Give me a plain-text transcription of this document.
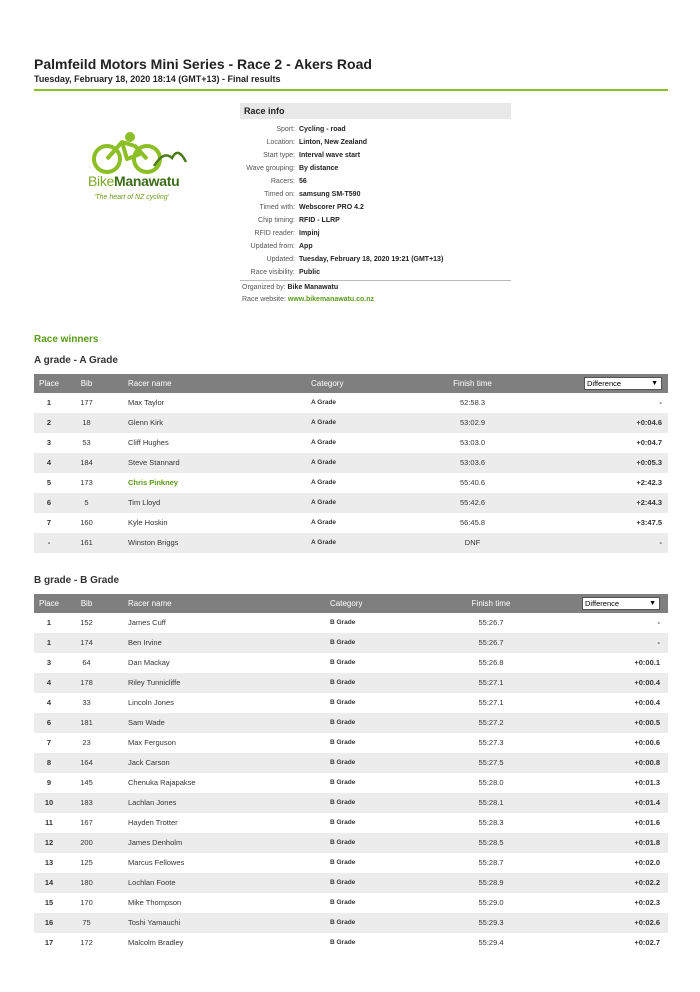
Palmfeild Motors Mini Series - Race 2 - Akers Road
Tuesday, February 18, 2020 18:14 (GMT+13) - Final results
BikeManawatu
'The heart of NZ cycling'
Race info
Sport: Cycling - road
Location: Linton, New Zealand
Start type: Interval wave start
Wave grouping: By distance
Racers: 56
Timed on: samsung SM-T590
Timed with: Webscorer PRO 4.2
Chip timing: RFID - LLRP
RFID reader: Impinj
Updated from: App
Updated: Tuesday, February 18, 2020 19:21 (GMT+13)
Race visibility: Public
Organized by: Bike Manawatu
Race website: www.bikemanawatu.co.nz
Race winners
A grade - A Grade
Place	Bib	Racer name	Category	Finish time	Difference	▼
1	177	Max Taylor	A Grade	52:58.3	-
2	18	Glenn Kirk	A Grade	53:02.9	+0:04.6
3	53	Cliff Hughes	A Grade	53:03.0	+0:04.7
4	184	Steve Stannard	A Grade	53:03.6	+0:05.3
5	173	Chris Pinkney	A Grade	55:40.6	+2:42.3
6	5	Tim Lloyd	A Grade	55:42.6	+2:44.3
7	160	Kyle Hoskin	A Grade	56:45.8	+3:47.5
-	161	Winston Briggs	A Grade	DNF	-
B grade - B Grade
Place	Bib	Racer name	Category	Finish time	Difference	▼
1	152	James Cuff	B Grade	55:26.7	-
1	174	Ben Irvine	B Grade	55:26.7	-
3	64	Dan Mackay	B Grade	55:26.8	+0:00.1
4	178	Riley Tunnicliffe	B Grade	55:27.1	+0:00.4
4	33	Lincoln Jones	B Grade	55:27.1	+0:00.4
6	181	Sam Wade	B Grade	55:27.2	+0:00.5
7	23	Max Ferguson	B Grade	55:27.3	+0:00.6
8	164	Jack Carson	B Grade	55:27.5	+0:00.8
9	145	Chenuka Rajapakse	B Grade	55:28.0	+0:01.3
10	183	Lachlan Jones	B Grade	55:28.1	+0:01.4
11	167	Hayden Trotter	B Grade	55:28.3	+0:01.6
12	200	James Denholm	B Grade	55:28.5	+0:01.8
13	125	Marcus Fellowes	B Grade	55:28.7	+0:02.0
14	180	Lochlan Foote	B Grade	55:28.9	+0:02.2
15	170	Mike Thompson	B Grade	55:29.0	+0:02.3
16	75	Toshi Yamauchi	B Grade	55:29.3	+0:02.6
17	172	Malcolm Bradley	B Grade	55:29.4	+0:02.7
